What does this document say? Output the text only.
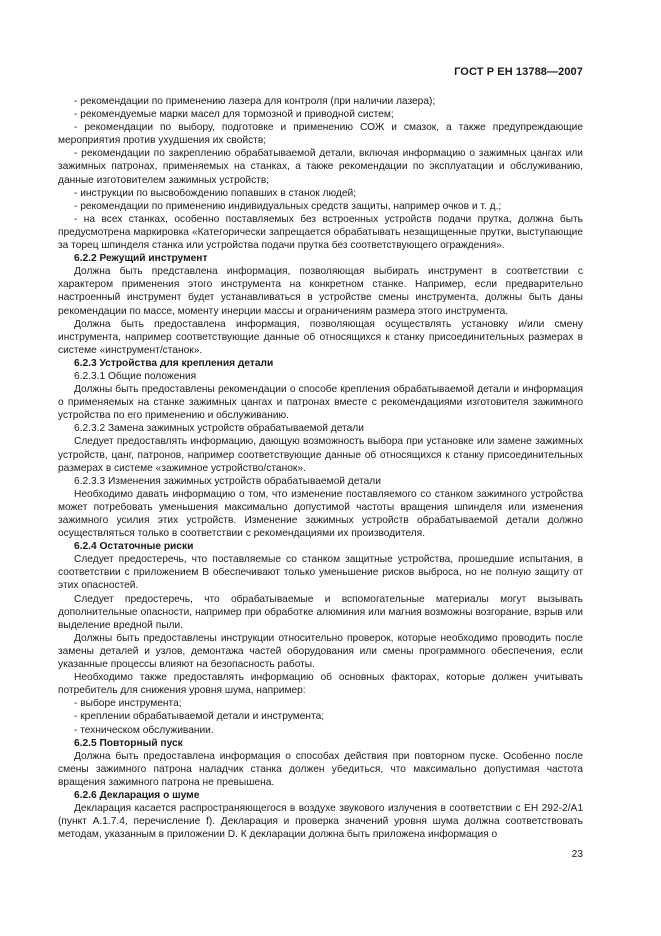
ГОСТ Р ЕН 13788—2007

- рекомендации по применению лазера для контроля (при наличии лазера);

- рекомендуемые марки масел для тормозной и приводной систем;

- рекомендации по выбору, подготовке и применению СОЖ и смазок, а также предупреждающие мероприятия против ухудшения их свойств;

- рекомендации по закреплению обрабатываемой детали, включая информацию о зажимных цангах или зажимных патронах, применяемых на станках, а также рекомендации по эксплуатации и обслуживанию, данные изготовителем зажимных устройств;

- инструкции по высвобождению попавших в станок людей;

- рекомендации по применению индивидуальных средств защиты, например очков и т. д.;

- на всех станках, особенно поставляемых без встроенных устройств подачи прутка, должна быть предусмотрена маркировка «Категорически запрещается обрабатывать незащищенные прутки, выступающие за торец шпинделя станка или устройства подачи прутка без соответствующего ограждения».

6.2.2 Режущий инструмент

Должна быть представлена информация, позволяющая выбирать инструмент в соответствии с характером применения этого инструмента на конкретном станке. Например, если предварительно настроенный инструмент будет устанавливаться в устройстве смены инструмента, должны быть даны рекомендации по массе, моменту инерции массы и ограничениям размера этого инструмента.

Должна быть предоставлена информация, позволяющая осуществлять установку и/или смену инструмента, например соответствующие данные об относящихся к станку присоединительных размерах в системе «инструмент/станок».

6.2.3 Устройства для крепления детали

6.2.3.1 Общие положения

Должны быть предоставлены рекомендации о способе крепления обрабатываемой детали и информация о применяемых на станке зажимных цангах и патронах вместе с рекомендациями изготовителя зажимного устройства по его применению и обслуживанию.

6.2.3.2 Замена зажимных устройств обрабатываемой детали

Следует предоставлять информацию, дающую возможность выбора при установке или замене зажимных устройств, цанг, патронов, например соответствующие данные об относящихся к станку присоединительных размерах в системе «зажимное устройство/станок».

6.2.3.3 Изменения зажимных устройств обрабатываемой детали

Необходимо давать информацию о том, что изменение поставляемого со станком зажимного устройства может потребовать уменьшения максимально допустимой частоты вращения шпинделя или изменения зажимного усилия этих устройств. Изменение зажимных устройств обрабатываемой детали должно осуществляться только в соответствии с рекомендациями их производителя.

6.2.4 Остаточные риски

Следует предостеречь, что поставляемые со станком защитные устройства, прошедшие испытания, в соответствии с приложением В обеспечивают только уменьшение рисков выброса, но не полную защиту от этих опасностей.

Следует предостеречь, что обрабатываемые и вспомогательные материалы могут вызывать дополнительные опасности, например при обработке алюминия или магния возможны возгорание, взрыв или выделение вредной пыли.

Должны быть предоставлены инструкции относительно проверок, которые необходимо проводить после замены деталей и узлов, демонтажа частей оборудования или смены программного обеспечения, если указанные процессы влияют на безопасность работы.

Необходимо также предоставлять информацию об основных факторах, которые должен учитывать потребитель для снижения уровня шума, например:

- выборе инструмента;

- креплении обрабатываемой детали и инструмента;

- техническом обслуживании.

6.2.5 Повторный пуск

Должна быть предоставлена информация о способах действия при повторном пуске. Особенно после смены зажимного патрона наладчик станка должен убедиться, что максимально допустимая частота вращения зажимного патрона не превышена.

6.2.6 Декларация о шуме

Декларация касается распространяющегося в воздухе звукового излучения в соответствии с ЕН 292-2/А1 (пункт А.1.7.4, перечисление f). Декларация и проверка значений уровня шума должна соответствовать методам, указанным в приложении D. К декларации должна быть приложена информация о

23
